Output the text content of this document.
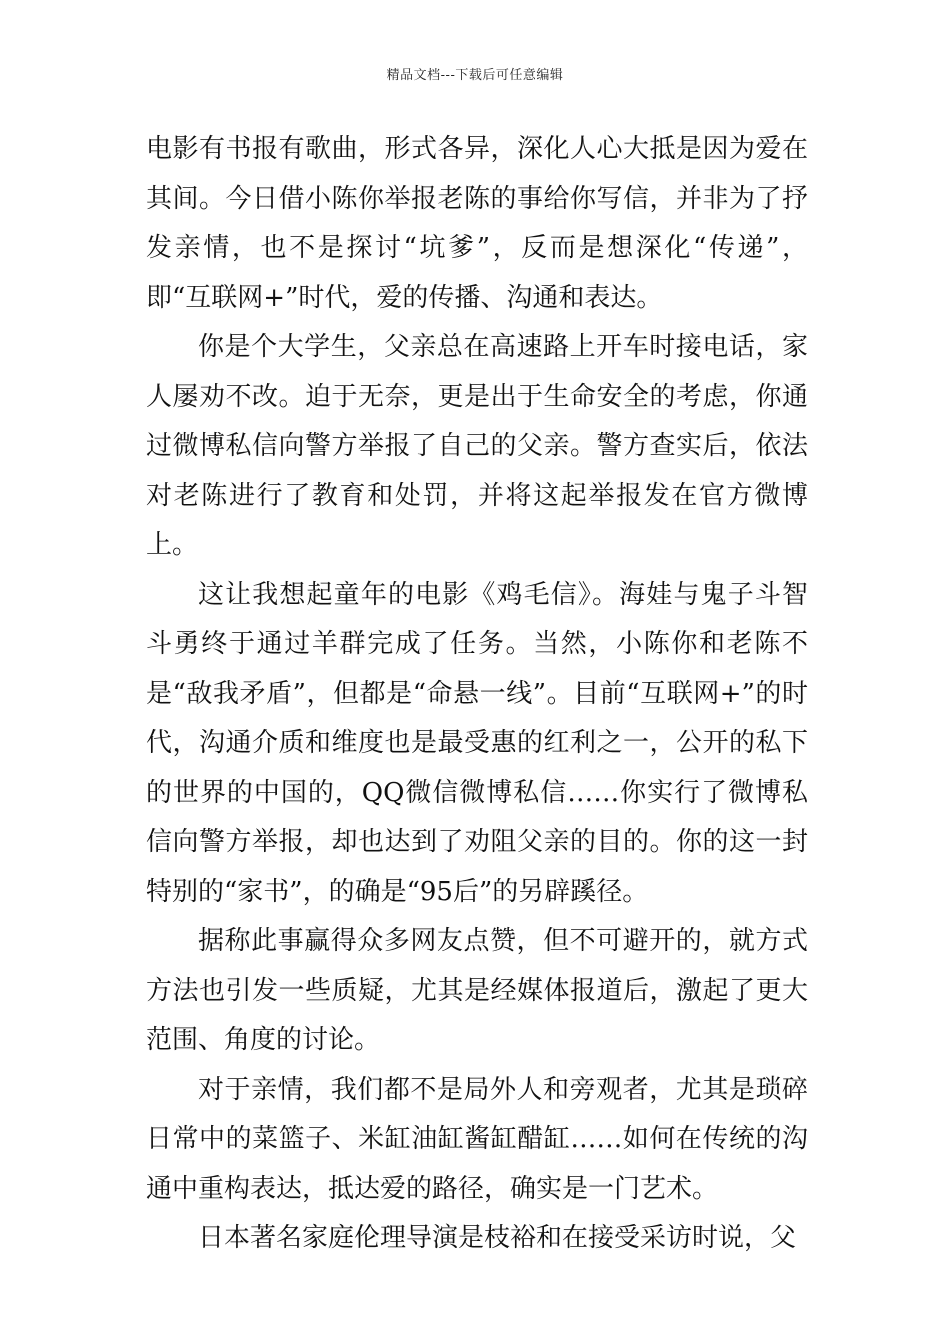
精品文档---下载后可任意编辑

电影有书报有歌曲，形式各异，深化人心大抵是因为爱在其间。今日借小陈你举报老陈的事给你写信，并非为了抒发亲情，也不是探讨“坑爹”，反而是想深化“传递”，即“互联网+”时代，爱的传播、沟通和表达。

你是个大学生，父亲总在高速路上开车时接电话，家人屡劝不改。迫于无奈，更是出于生命安全的考虑，你通过微博私信向警方举报了自己的父亲。警方查实后，依法对老陈进行了教育和处罚，并将这起举报发在官方微博上。

这让我想起童年的电影《鸡毛信》。海娃与鬼子斗智斗勇终于通过羊群完成了任务。当然，小陈你和老陈不是“敌我矛盾”，但都是“命悬一线”。目前“互联网+”的时代，沟通介质和维度也是最受惠的红利之一，公开的私下的世界的中国的，QQ微信微博私信……你实行了微博私信向警方举报，却也达到了劝阻父亲的目的。你的这一封特别的“家书”，的确是“95后”的另辟蹊径。

据称此事赢得众多网友点赞，但不可避开的，就方式方法也引发一些质疑，尤其是经媒体报道后，激起了更大范围、角度的讨论。

对于亲情，我们都不是局外人和旁观者，尤其是琐碎日常中的菜篮子、米缸油缸酱缸醋缸……如何在传统的沟通中重构表达，抵达爱的路径，确实是一门艺术。

日本著名家庭伦理导演是枝裕和在接受采访时说，父
